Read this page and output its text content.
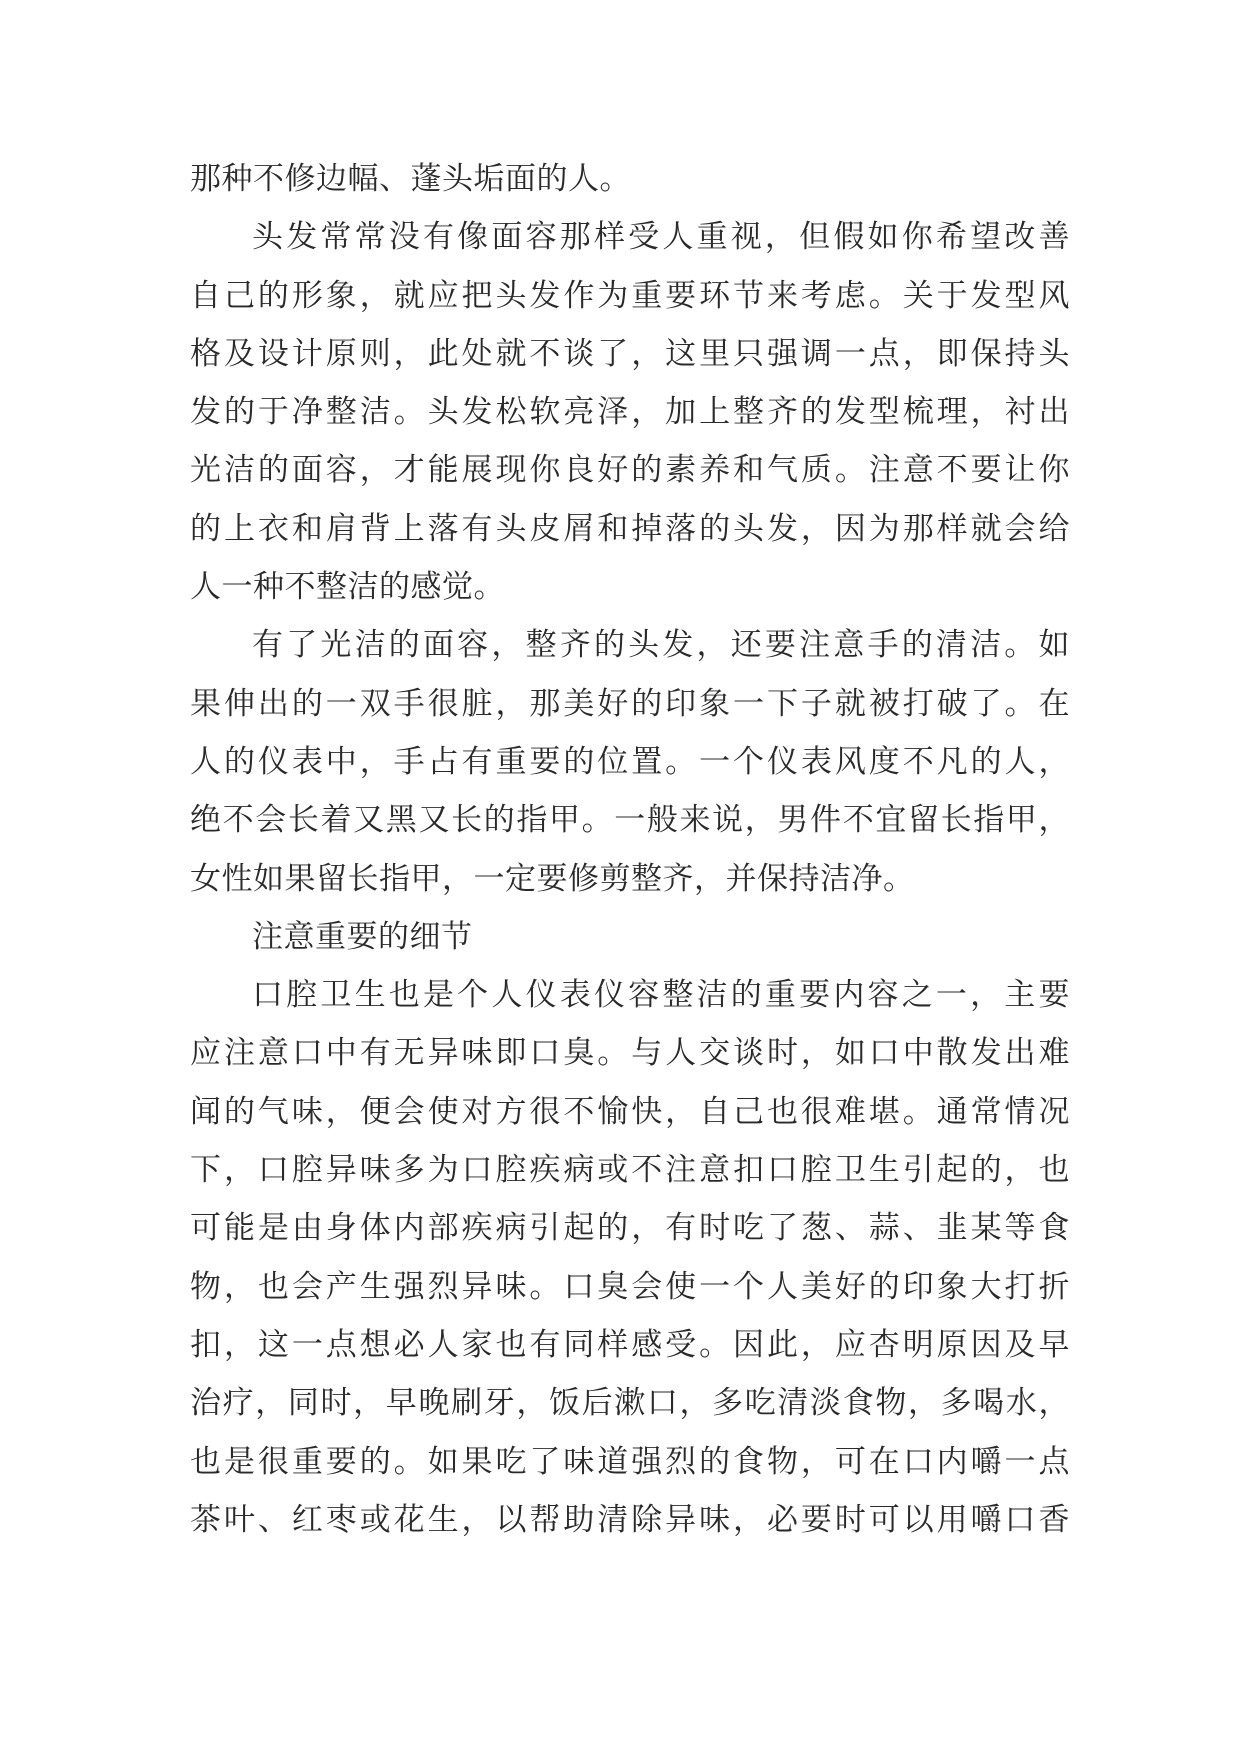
那种不修边幅、蓬头垢面的人。
头发常常没有像面容那样受人重视，但假如你希望改善
自己的形象，就应把头发作为重要环节来考虑。关于发型风
格及设计原则，此处就不谈了，这里只强调一点，即保持头
发的于净整洁。头发松软亮泽，加上整齐的发型梳理，衬出
光洁的面容，才能展现你良好的素养和气质。注意不要让你
的上衣和肩背上落有头皮屑和掉落的头发，因为那样就会给
人一种不整洁的感觉。
有了光洁的面容，整齐的头发，还要注意手的清洁。如
果伸出的一双手很脏，那美好的印象一下子就被打破了。在
人的仪表中，手占有重要的位置。一个仪表风度不凡的人，
绝不会长着又黑又长的指甲。一般来说，男件不宜留长指甲，
女性如果留长指甲，一定要修剪整齐，并保持洁净。
注意重要的细节
口腔卫生也是个人仪表仪容整洁的重要内容之一，主要
应注意口中有无异味即口臭。与人交谈时，如口中散发出难
闻的气味，便会使对方很不愉快，自己也很难堪。通常情况
下，口腔异味多为口腔疾病或不注意扣口腔卫生引起的，也
可能是由身体内部疾病引起的，有时吃了葱、蒜、韭某等食
物，也会产生强烈异味。口臭会使一个人美好的印象大打折
扣，这一点想必人家也有同样感受。因此，应杏明原因及早
治疗，同时，早晚刷牙，饭后漱口，多吃清淡食物，多喝水，
也是很重要的。如果吃了味道强烈的食物，可在口内嚼一点
茶叶、红枣或花生，以帮助清除异味，必要时可以用嚼口香
